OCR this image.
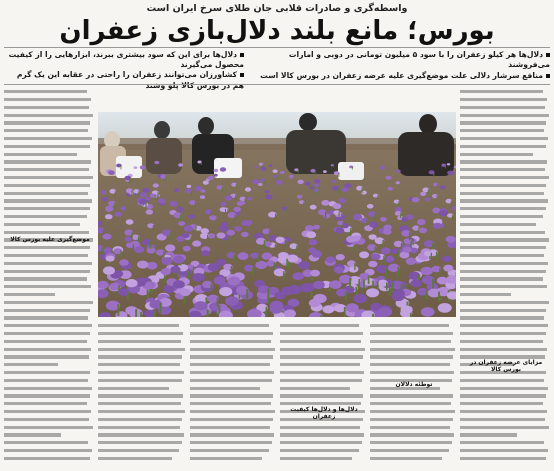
واسطه‌گری و صادرات قلابی جان طلای سرخ ایران است
بورس؛ مانع بلند دلال‌بازی زعفران
دلال‌ها هر کیلو زعفران را با سود ۵ میلیون تومانی در دوبی و امارات می‌فروشند
منافع سرشار دلالی علت موضع‌گیری علیه عرضه زعفران در بورس کالا است
دلال‌ها برای این که سود بیشتری ببرند، ابزارهایی را از کیفیت محصول می‌گیرند
کشاورزان می‌توانند زعفران را راحتی در عقابه این یک گرم هم در بورس کالا پلو وشند
توطئه دلالان
دلال‌ها و دلال‌ها کیفیت زعفران
موضع‌گیری علیه بورس کالا
مزایای عرضه زعفران در بورس کالا
